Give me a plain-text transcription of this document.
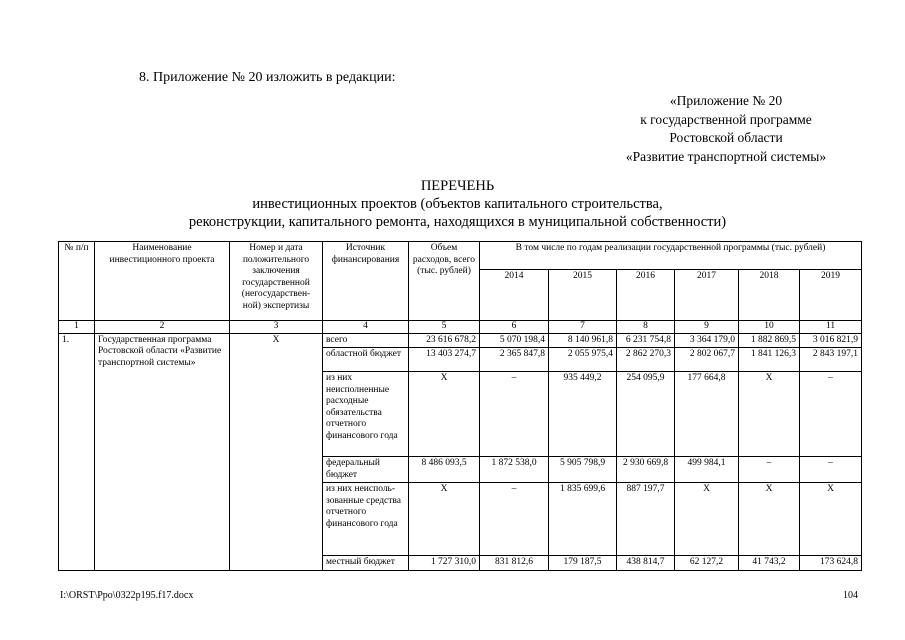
8. Приложение № 20 изложить в редакции:
«Приложение № 20
к государственной программе
Ростовской области
«Развитие транспортной системы»
ПЕРЕЧЕНЬ
инвестиционных проектов (объектов капитального строительства,
реконструкции, капитального ремонта, находящихся в муниципальной собственности)
№ п/п	Наименование инвестиционного проекта	Номер и дата положительного заключения государственной (негосударствен-ной) экспертизы	Источник финансирования	Объем расходов, всего (тыс. рублей)	В том числе по годам реализации государственной программы (тыс. рублей)					
					2014	2015	2016	2017	2018	2019
1	2	3	4	5	6	7	8	9	10	11
1.	Государственная программа Ростовской области «Развитие транспортной системы»	Х	всего	23 616 678,2	5 070 198,4	8 140 961,8	6 231 754,8	3 364 179,0	1 882 869,5	3 016 821,9
			областной бюджет	13 403 274,7	2 365 847,8	2 055 975,4	2 862 270,3	2 802 067,7	1 841 126,3	2 843 197,1
			из них неисполненные расходные обязательства отчетного финансового года	Х	–	935 449,2	254 095,9	177 664,8	Х	–
			федеральный бюджет	8 486 093,5	1 872 538,0	5 905 798,9	2 930 669,8	499 984,1	–	–
			из них неисполь-зованные средства отчетного финансового года	Х	–	1 835 699,6	887 197,7	Х	Х	Х
			местный бюджет	1 727 310,0	831 812,6	179 187,5	438 814,7	62 127,2	41 743,2	173 624,8
I:\ORST\Ppo\0322p195.f17.docx	104
